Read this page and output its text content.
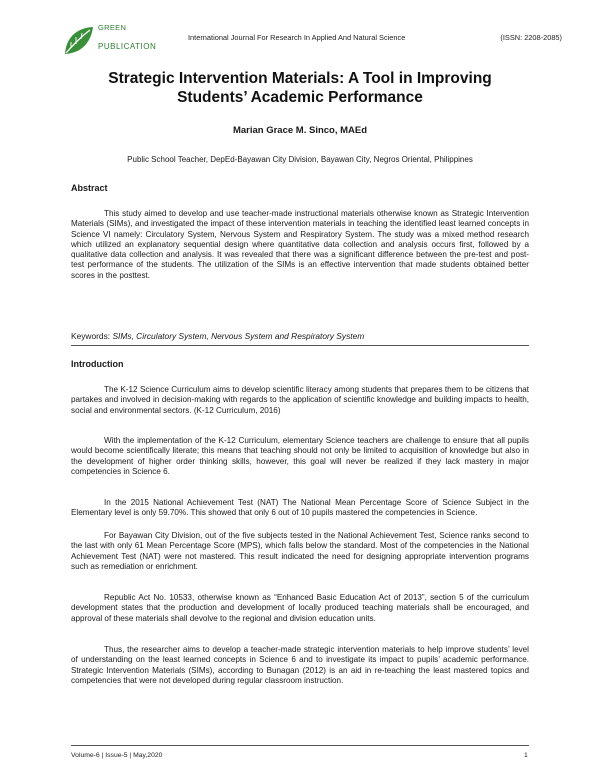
GREEN
PUBLICATION
International Journal For Research In Applied And Natural Science	(ISSN: 2208-2085)
Strategic Intervention Materials: A Tool in Improving
Students’ Academic Performance
Marian Grace M. Sinco, MAEd
Public School Teacher, DepEd-Bayawan City Division, Bayawan City, Negros Oriental, Philippines
Abstract

This study aimed to develop and use teacher-made instructional materials otherwise known as Strategic Intervention Materials (SIMs), and investigated the impact of these intervention materials in teaching the identified least learned concepts in Science VI namely: Circulatory System, Nervous System and Respiratory System. The study was a mixed method research which utilized an explanatory sequential design where quantitative data collection and analysis occurs first, followed by a qualitative data collection and analysis. It was revealed that there was a significant difference between the pre-test and post-test performance of the students. The utilization of the SIMs is an effective intervention that made students obtained better scores in the posttest.

Keywords: SIMs, Circulatory System, Nervous System and Respiratory System
Introduction

The K-12 Science Curriculum aims to develop scientific literacy among students that prepares them to be citizens that partakes and involved in decision-making with regards to the application of scientific knowledge and building impacts to health, social and environmental sectors. (K-12 Curriculum, 2016)

With the implementation of the K-12 Curriculum, elementary Science teachers are challenge to ensure that all pupils would become scientifically literate; this means that teaching should not only be limited to acquisition of knowledge but also in the development of higher order thinking skills, however, this goal will never be realized if they lack mastery in major competencies in Science 6.

In the 2015 National Achievement Test (NAT) The National Mean Percentage Score of Science Subject in the Elementary level is only 59.70%. This showed that only 6 out of 10 pupils mastered the competencies in Science.

For Bayawan City Division, out of the five subjects tested in the National Achievement Test, Science ranks second to the last with only 61 Mean Percentage Score (MPS), which falls below the standard. Most of the competencies in the National Achievement Test (NAT) were not mastered. This result indicated the need for designing appropriate intervention programs such as remediation or enrichment.

Republic Act No. 10533, otherwise known as “Enhanced Basic Education Act of 2013”, section 5 of the curriculum development states that the production and development of locally produced teaching materials shall be encouraged, and approval of these materials shall devolve to the regional and division education units.

Thus, the researcher aims to develop a teacher-made strategic intervention materials to help improve students’ level of understanding on the least learned concepts in Science 6 and to investigate its impact to pupils’ academic performance. Strategic Intervention Materials (SIMs), according to Bunagan (2012) is an aid in re-teaching the least mastered topics and competencies that were not developed during regular classroom instruction.

Volume-6 | Issue-5 | May,2020	1
